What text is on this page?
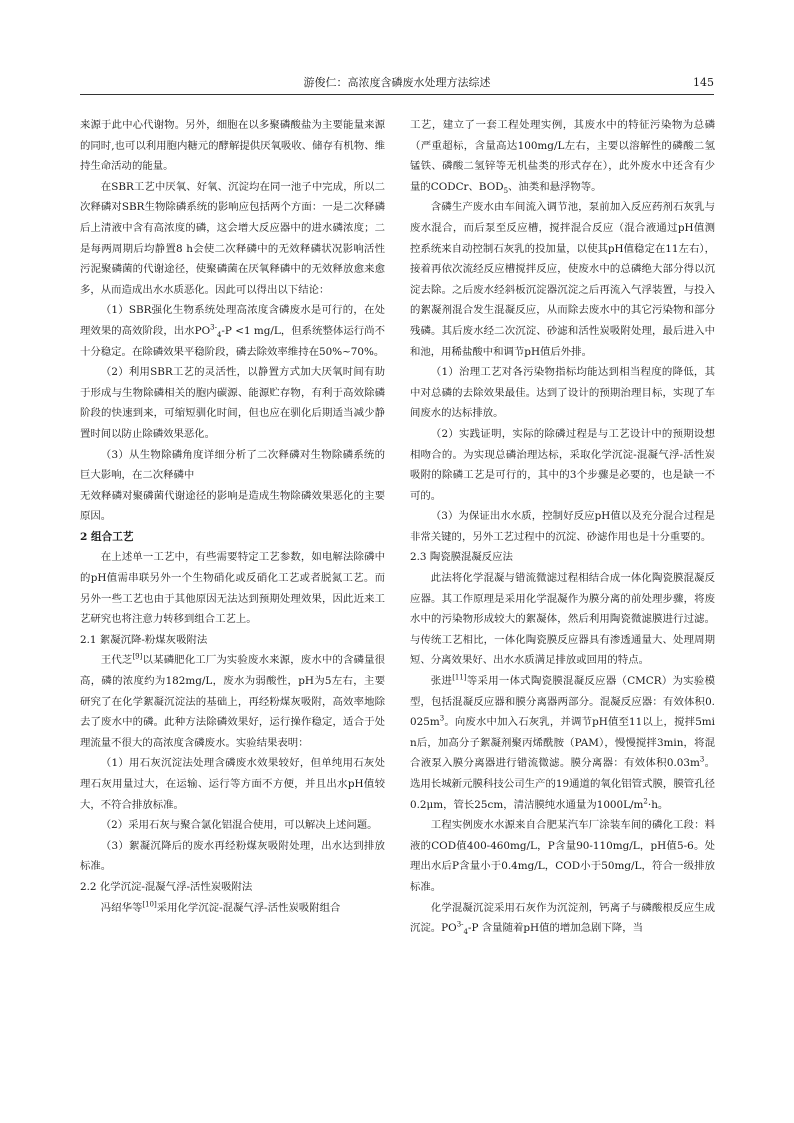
游俊仁：高浓度含磷废水处理方法综述	145

来源于此中心代谢物。另外，细胞在以多聚磷酸盐为主要能量来源的同时,也可以利用胞内糖元的酵解提供厌氧吸收、储存有机物、维持生命活动的能量。

在SBR工艺中厌氧、好氧、沉淀均在同一池子中完成，所以二次释磷对SBR生物除磷系统的影响应包括两个方面：一是二次释磷后上清液中含有高浓度的磷，这会增大反应器中的进水磷浓度；二是每两周期后均静置8 h会使二次释磷中的无效释磷状况影响活性污泥聚磷菌的代谢途径，使聚磷菌在厌氧释磷中的无效释放愈来愈多，从而造成出水水质恶化。因此可以得出以下结论：

（1）SBR强化生物系统处理高浓度含磷废水是可行的，在处理效果的高效阶段，出水$PO^{3-}_4-P <1$ mg/L，但系统整体运行尚不十分稳定。在除磷效果平稳阶段，磷去除效率维持在50%~70%。

（2）利用SBR工艺的灵活性，以静置方式加大厌氧时间有助于形成与生物除磷相关的胞内碳源、能源贮存物，有利于高效除磷阶段的快速到来，可缩短驯化时间，但也应在驯化后期适当减少静置时间以防止除磷效果恶化。

（3）从生物除磷角度详细分析了二次释磷对生物除磷系统的巨大影响，在二次释磷中

无效释磷对聚磷菌代谢途径的影响是造成生物除磷效果恶化的主要原因。

2 组合工艺

在上述单一工艺中，有些需要特定工艺参数，如电解法除磷中的pH值需串联另外一个生物硝化或反硝化工艺或者脱氮工艺。而另外一些工艺也由于其他原因无法达到预期处理效果，因此近来工艺研究也将注意力转移到组合工艺上。

2.1 絮凝沉降-粉煤灰吸附法

王代芝[9]以某磷肥化工厂为实验废水来源，废水中的含磷量很高，磷的浓度约为182mg/L，废水为弱酸性，pH为5左右，主要研究了在化学絮凝沉淀法的基础上，再经粉煤灰吸附，高效率地除去了废水中的磷。此种方法除磷效果好，运行操作稳定，适合于处理流量不很大的高浓度含磷废水。实验结果表明：

（1）用石灰沉淀法处理含磷废水效果较好，但单纯用石灰处理石灰用量过大，在运输、运行等方面不方便，并且出水pH值较大，不符合排放标准。

（2）采用石灰与聚合氯化铝混合使用，可以解决上述问题。

（3）絮凝沉降后的废水再经粉煤灰吸附处理，出水达到排放标准。

2.2 化学沉淀-混凝气浮-活性炭吸附法

冯绍华等[10]采用化学沉淀-混凝气浮-活性炭吸附组合

工艺，建立了一套工程处理实例，其废水中的特征污染物为总磷（严重超标，含量高达100mg/L左右，主要以溶解性的磷酸二氢锰铁、磷酸二氢锌等无机盐类的形式存在），此外废水中还含有少量的CODCr、$BOD_5$、油类和悬浮物等。

含磷生产废水由车间流入调节池，泵前加入反应药剂石灰乳与废水混合，而后泵至反应槽，搅拌混合反应（混合液通过pH值测控系统来自动控制石灰乳的投加量，以使其pH值稳定在11左右），接着再依次流经反应槽搅拌反应，使废水中的总磷绝大部分得以沉淀去除。之后废水经斜板沉淀器沉淀之后再流入气浮装置，与投入的絮凝剂混合发生混凝反应，从而除去废水中的其它污染物和部分残磷。其后废水经二次沉淀、砂滤和活性炭吸附处理，最后进入中和池，用稀盐酸中和调节pH值后外排。

（1）治理工艺对各污染物指标均能达到相当程度的降低，其中对总磷的去除效果最佳。达到了设计的预期治理目标，实现了车间废水的达标排放。

（2）实践证明，实际的除磷过程是与工艺设计中的预期设想相吻合的。为实现总磷治理达标，采取化学沉淀-混凝气浮-活性炭吸附的除磷工艺是可行的，其中的3个步骤是必要的，也是缺一不可的。

（3）为保证出水水质，控制好反应pH值以及充分混合过程是非常关键的，另外工艺过程中的沉淀、砂滤作用也是十分重要的。

2.3 陶瓷膜混凝反应法

此法将化学混凝与错流微滤过程相结合成一体化陶瓷膜混凝反应器。其工作原理是采用化学混凝作为膜分离的前处理步骤，将废水中的污染物形成较大的絮凝体，然后利用陶瓷微滤膜进行过滤。与传统工艺相比，一体化陶瓷膜反应器具有渗透通量大、处理周期短、分离效果好、出水水质满足排放或回用的特点。

张进[11]等采用一体式陶瓷膜混凝反应器（CMCR）为实验模型，包括混凝反应器和膜分离器两部分。混凝反应器：有效体积$0.025m^3$。向废水中加入石灰乳，并调节pH值至11以上，搅拌5min后，加高分子絮凝剂聚丙烯酰胺（PAM），慢慢搅拌3min，将混合液泵入膜分离器进行错流微滤。膜分离器：有效体积$0.03m^3$。选用长城新元膜科技公司生产的19通道的氧化铝管式膜，膜管孔径0.2μm，管长25cm，清洁膜纯水通量为$1000L/m^2\cdot h$。

工程实例废水水源来自合肥某汽车厂涂装车间的磷化工段：料液的COD值400-460mg/L，P含量90-110mg/L，pH值5-6。处理出水后P含量小于0.4mg/L，COD小于50mg/L，符合一级排放标准。

化学混凝沉淀采用石灰作为沉淀剂，钙离子与磷酸根反应生成沉淀。$PO^{3-}_4-P$ 含量随着pH值的增加急剧下降，当
